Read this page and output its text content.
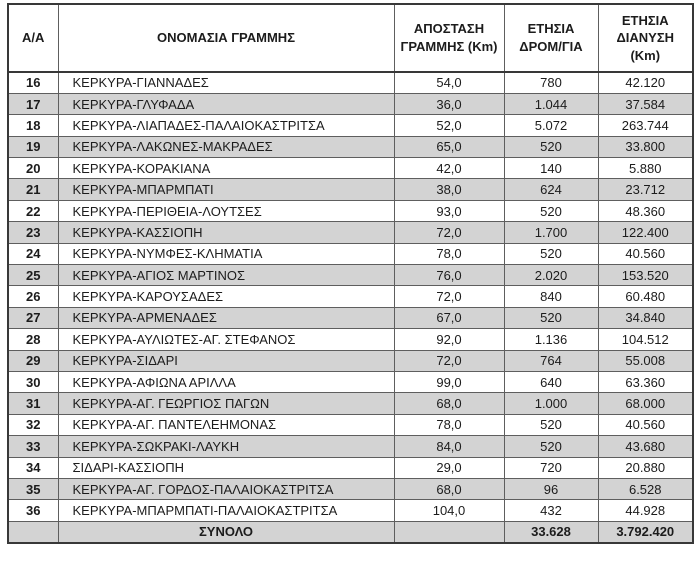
Α/Α	ΟΝΟΜΑΣΙΑ ΓΡΑΜΜΗΣ	ΑΠΟΣΤΑΣΗ ΓΡΑΜΜΗΣ (Km)	ΕΤΗΣΙΑ ΔΡΟΜ/ΓΙΑ	ΕΤΗΣΙΑ ΔΙΑΝΥΣΗ (Km)
16	ΚΕΡΚΥΡΑ-ΓΙΑΝΝΑΔΕΣ	54,0	780	42.120
17	ΚΕΡΚΥΡΑ-ΓΛΥΦΑΔΑ	36,0	1.044	37.584
18	ΚΕΡΚΥΡΑ-ΛΙΑΠΑΔΕΣ-ΠΑΛΑΙΟΚΑΣΤΡΙΤΣΑ	52,0	5.072	263.744
19	ΚΕΡΚΥΡΑ-ΛΑΚΩΝΕΣ-ΜΑΚΡΑΔΕΣ	65,0	520	33.800
20	ΚΕΡΚΥΡΑ-ΚΟΡΑΚΙΑΝΑ	42,0	140	5.880
21	ΚΕΡΚΥΡΑ-ΜΠΑΡΜΠΑΤΙ	38,0	624	23.712
22	ΚΕΡΚΥΡΑ-ΠΕΡΙΘΕΙΑ-ΛΟΥΤΣΕΣ	93,0	520	48.360
23	ΚΕΡΚΥΡΑ-ΚΑΣΣΙΟΠΗ	72,0	1.700	122.400
24	ΚΕΡΚΥΡΑ-ΝΥΜΦΕΣ-ΚΛΗΜΑΤΙΑ	78,0	520	40.560
25	ΚΕΡΚΥΡΑ-ΑΓΙΟΣ ΜΑΡΤΙΝΟΣ	76,0	2.020	153.520
26	ΚΕΡΚΥΡΑ-ΚΑΡΟΥΣΑΔΕΣ	72,0	840	60.480
27	ΚΕΡΚΥΡΑ-ΑΡΜΕΝΑΔΕΣ	67,0	520	34.840
28	ΚΕΡΚΥΡΑ-ΑΥΛΙΩΤΕΣ-ΑΓ. ΣΤΕΦΑΝΟΣ	92,0	1.136	104.512
29	ΚΕΡΚΥΡΑ-ΣΙΔΑΡΙ	72,0	764	55.008
30	ΚΕΡΚΥΡΑ-ΑΦΙΩΝΑ ΑΡΙΛΛΑ	99,0	640	63.360
31	ΚΕΡΚΥΡΑ-ΑΓ. ΓΕΩΡΓΙΟΣ ΠΑΓΩΝ	68,0	1.000	68.000
32	ΚΕΡΚΥΡΑ-ΑΓ. ΠΑΝΤΕΛΕΗΜΟΝΑΣ	78,0	520	40.560
33	ΚΕΡΚΥΡΑ-ΣΩΚΡΑΚΙ-ΛΑΥΚΗ	84,0	520	43.680
34	ΣΙΔΑΡΙ-ΚΑΣΣΙΟΠΗ	29,0	720	20.880
35	ΚΕΡΚΥΡΑ-ΑΓ. ΓΟΡΔΟΣ-ΠΑΛΑΙΟΚΑΣΤΡΙΤΣΑ	68,0	96	6.528
36	ΚΕΡΚΥΡΑ-ΜΠΑΡΜΠΑΤΙ-ΠΑΛΑΙΟΚΑΣΤΡΙΤΣΑ	104,0	432	44.928
	ΣΥΝΟΛΟ		33.628	3.792.420
